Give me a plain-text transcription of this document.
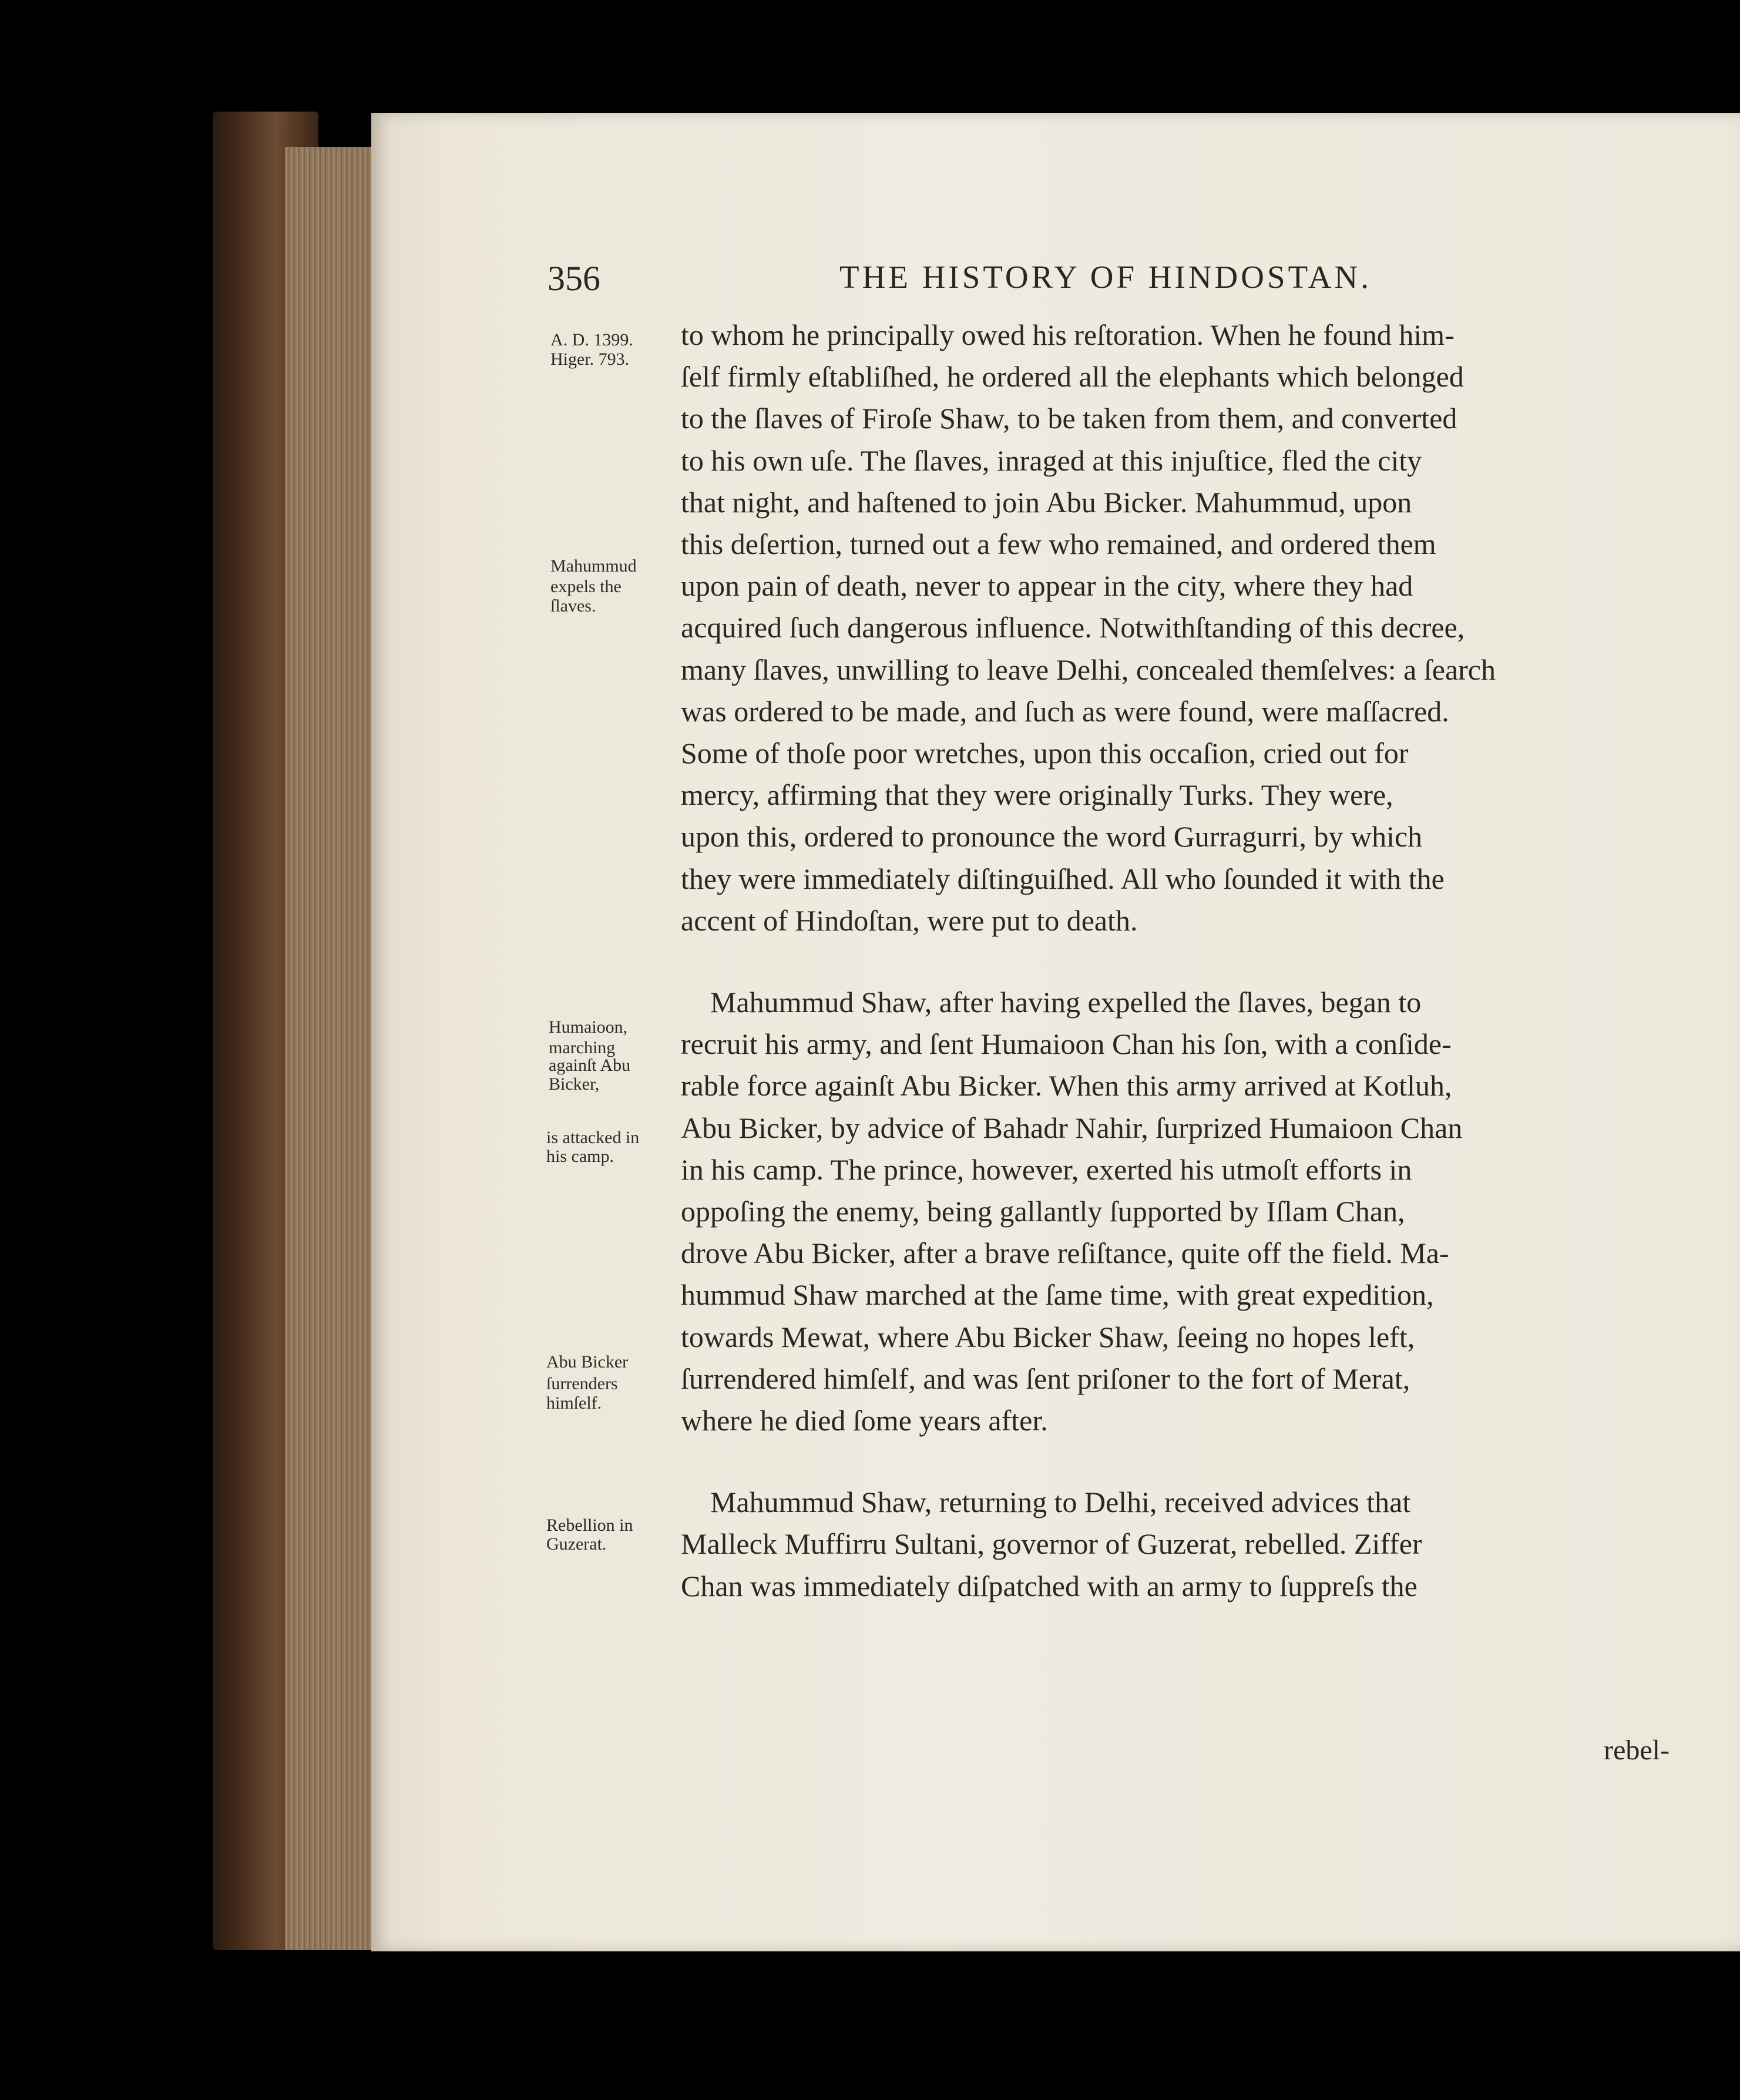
356	THE HISTORY OF HINDOSTAN.
A. D. 1399.
Higer. 793.
Mahummud
expels the
ſlaves.
Humaioon,
marching
againſt Abu
Bicker,
is attacked in
his camp.
Abu Bicker
ſurrenders
himſelf.
Rebellion in
Guzerat.

to whom he principally owed his reſtoration. When he found him-
ſelf firmly eſtabliſhed, he ordered all the elephants which belonged
to the ſlaves of Firoſe Shaw, to be taken from them, and converted
to his own uſe. The ſlaves, inraged at this injuſtice, fled the city
that night, and haſtened to join Abu Bicker. Mahummud, upon
this deſertion, turned out a few who remained, and ordered them
upon pain of death, never to appear in the city, where they had
acquired ſuch dangerous influence. Notwithſtanding of this decree,
many ſlaves, unwilling to leave Delhi, concealed themſelves: a ſearch
was ordered to be made, and ſuch as were found, were maſſacred.
Some of thoſe poor wretches, upon this occaſion, cried out for
mercy, affirming that they were originally Turks. They were,
upon this, ordered to pronounce the word Gurragurri, by which
they were immediately diſtinguiſhed. All who ſounded it with the
accent of Hindoſtan, were put to death.

Mahummud Shaw, after having expelled the ſlaves, began to
recruit his army, and ſent Humaioon Chan his ſon, with a conſide-
rable force againſt Abu Bicker. When this army arrived at Kotluh,
Abu Bicker, by advice of Bahadr Nahir, ſurprized Humaioon Chan
in his camp. The prince, however, exerted his utmoſt efforts in
oppoſing the enemy, being gallantly ſupported by Iſlam Chan,
drove Abu Bicker, after a brave reſiſtance, quite off the field. Ma-
hummud Shaw marched at the ſame time, with great expedition,
towards Mewat, where Abu Bicker Shaw, ſeeing no hopes left,
ſurrendered himſelf, and was ſent priſoner to the fort of Merat,
where he died ſome years after.

Mahummud Shaw, returning to Delhi, received advices that
Malleck Muffirru Sultani, governor of Guzerat, rebelled. Ziffer
Chan was immediately diſpatched with an army to ſuppreſs the

rebel-
